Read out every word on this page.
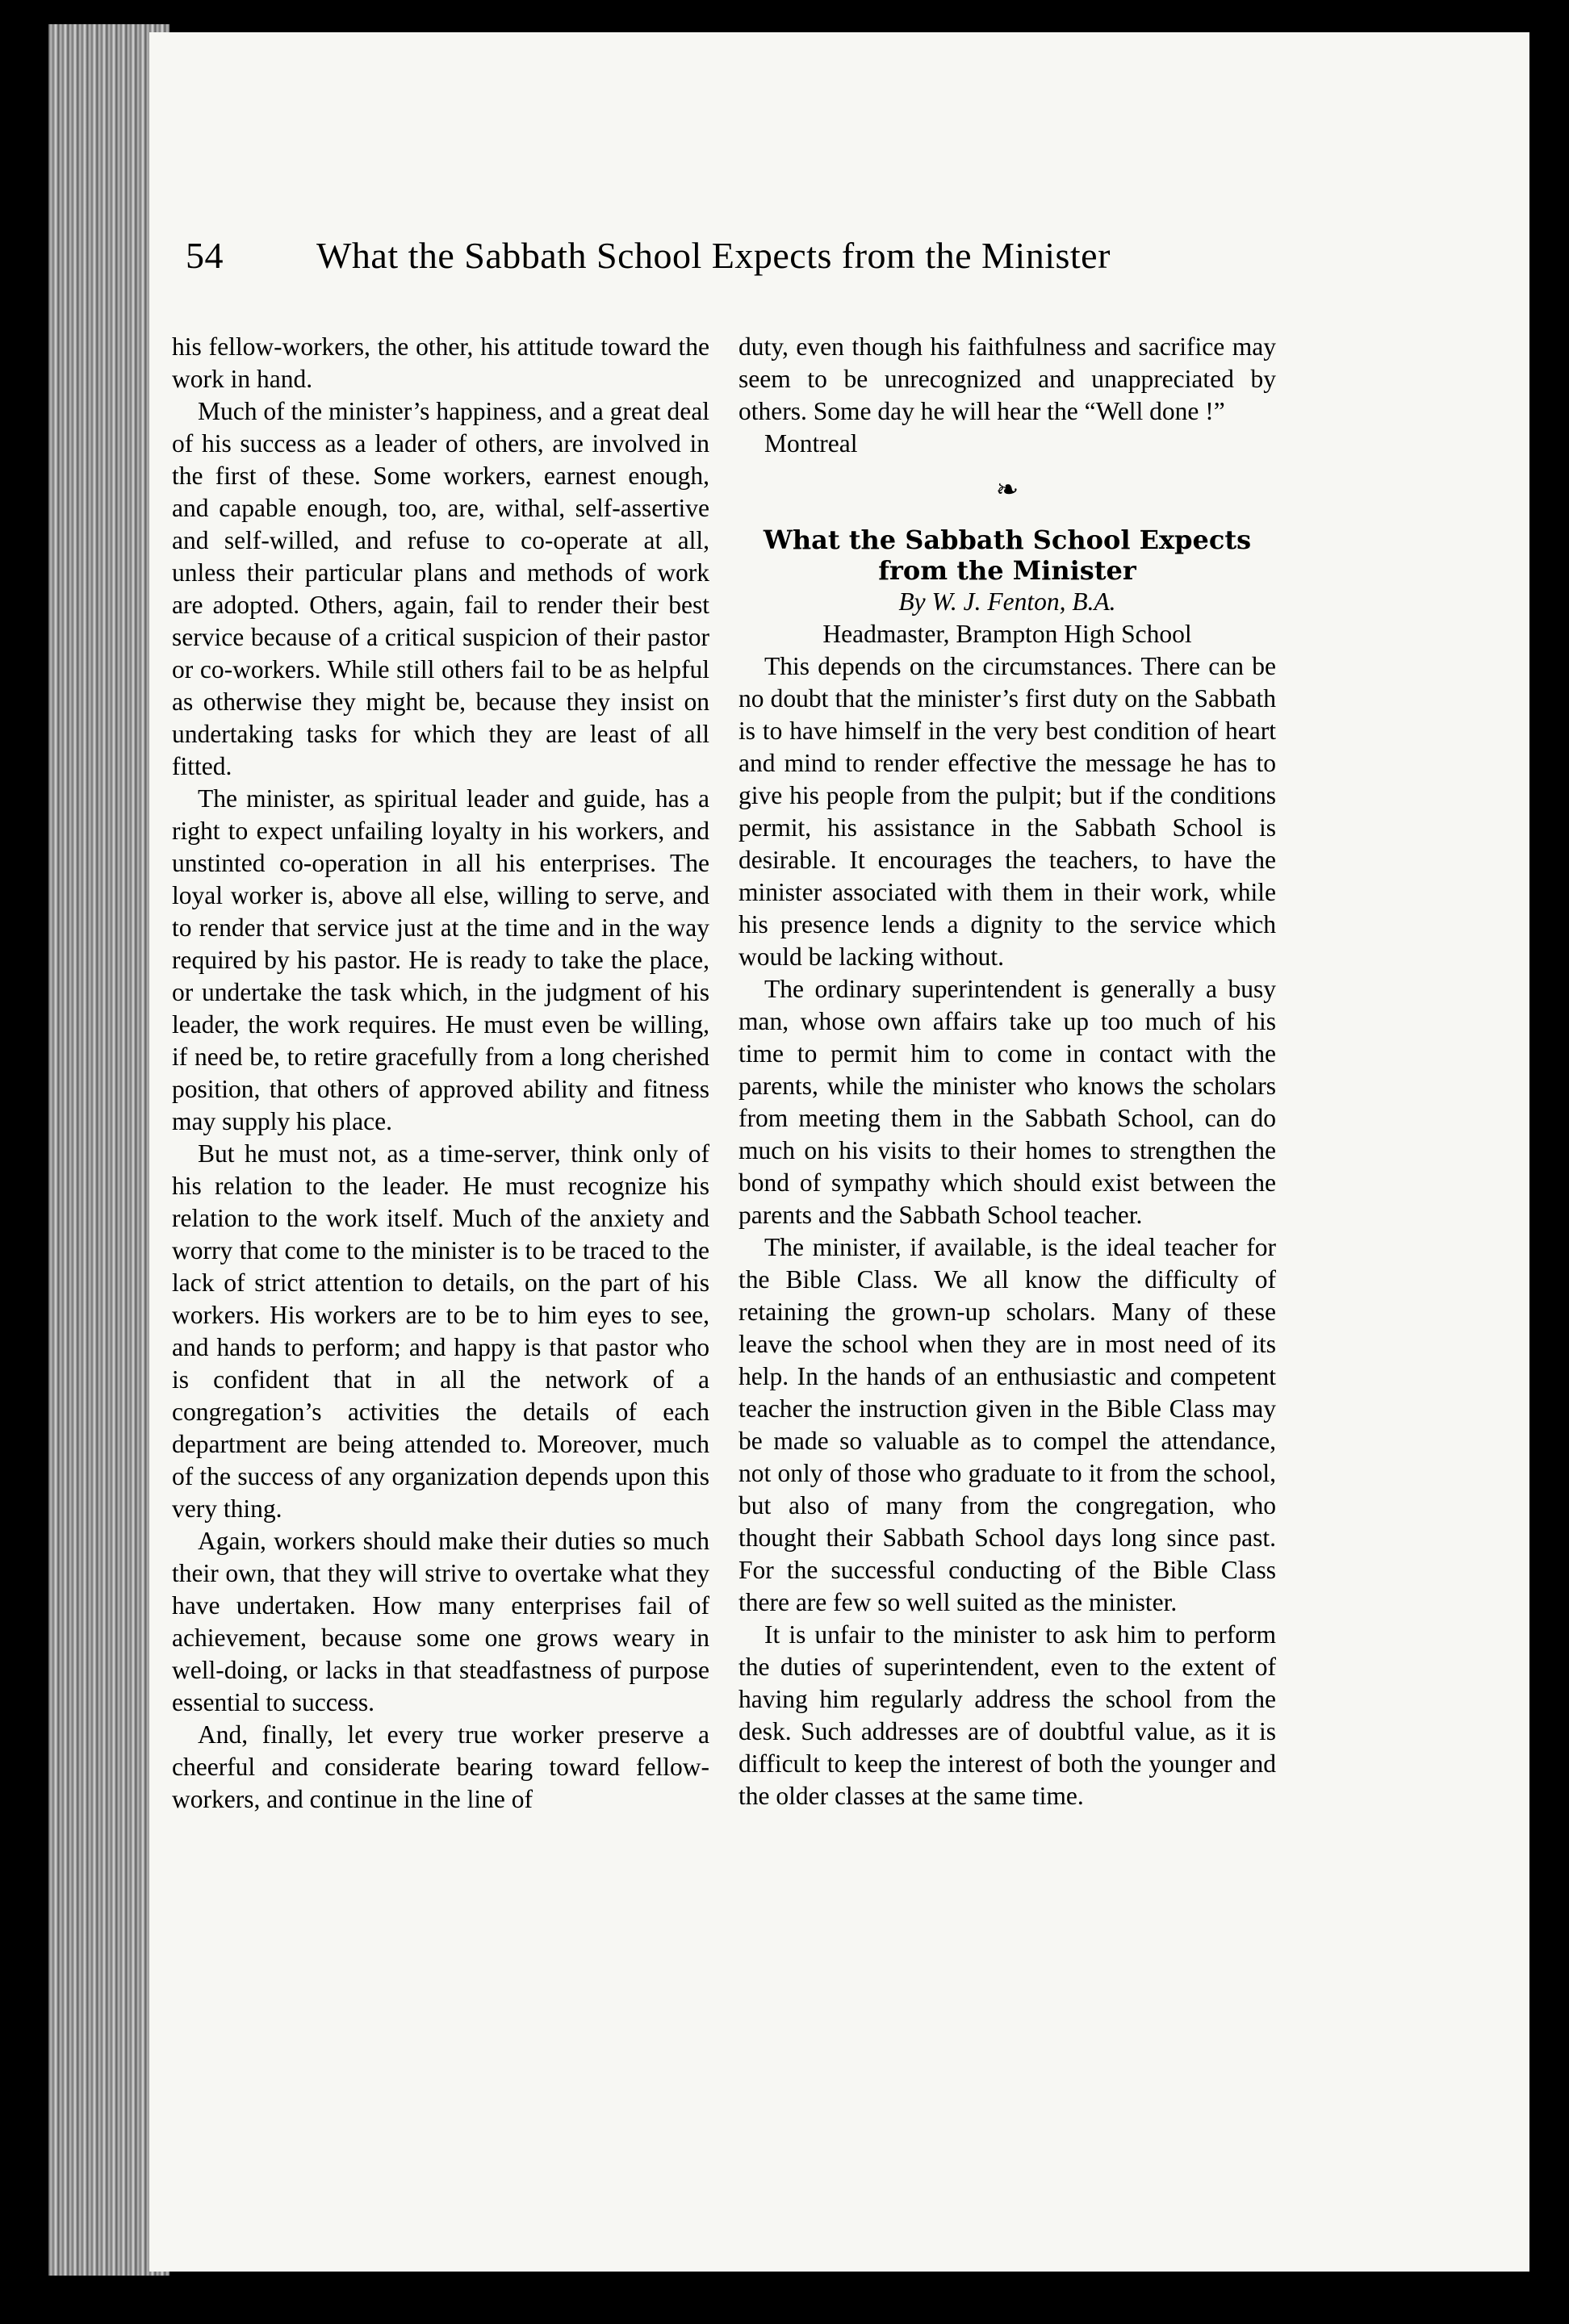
54	What the Sabbath School Expects from the Minister

his fellow-workers, the other, his attitude toward the work in hand.

Much of the minister’s happiness, and a great deal of his success as a leader of others, are involved in the first of these. Some workers, earnest enough, and capable enough, too, are, withal, self-assertive and self-willed, and refuse to co-operate at all, unless their particular plans and methods of work are adopted. Others, again, fail to render their best service because of a critical suspicion of their pastor or co-workers. While still others fail to be as helpful as otherwise they might be, because they insist on undertaking tasks for which they are least of all fitted.

The minister, as spiritual leader and guide, has a right to expect unfailing loyalty in his workers, and unstinted co-operation in all his enterprises. The loyal worker is, above all else, willing to serve, and to render that service just at the time and in the way required by his pastor. He is ready to take the place, or undertake the task which, in the judgment of his leader, the work requires. He must even be willing, if need be, to retire gracefully from a long cherished position, that others of approved ability and fitness may supply his place.

But he must not, as a time-server, think only of his relation to the leader. He must recognize his relation to the work itself. Much of the anxiety and worry that come to the minister is to be traced to the lack of strict attention to details, on the part of his workers. His workers are to be to him eyes to see, and hands to perform; and happy is that pastor who is confident that in all the network of a congregation’s activities the details of each department are being attended to. Moreover, much of the success of any organization depends upon this very thing.

Again, workers should make their duties so much their own, that they will strive to overtake what they have undertaken. How many enterprises fail of achievement, because some one grows weary in well-doing, or lacks in that steadfastness of purpose essential to success.

And, finally, let every true worker preserve a cheerful and considerate bearing toward fellow-workers, and continue in the line of

duty, even though his faithfulness and sacrifice may seem to be unrecognized and unappreciated by others. Some day he will hear the “Well done !”

Montreal

❧

What the Sabbath School Expects
from the Minister

By W. J. Fenton, B.A.

Headmaster, Brampton High School

This depends on the circumstances. There can be no doubt that the minister’s first duty on the Sabbath is to have himself in the very best condition of heart and mind to render effective the message he has to give his people from the pulpit; but if the conditions permit, his assistance in the Sabbath School is desirable. It encourages the teachers, to have the minister associated with them in their work, while his presence lends a dignity to the service which would be lacking without.

The ordinary superintendent is generally a busy man, whose own affairs take up too much of his time to permit him to come in contact with the parents, while the minister who knows the scholars from meeting them in the Sabbath School, can do much on his visits to their homes to strengthen the bond of sympathy which should exist between the parents and the Sabbath School teacher.

The minister, if available, is the ideal teacher for the Bible Class. We all know the difficulty of retaining the grown-up scholars. Many of these leave the school when they are in most need of its help. In the hands of an enthusiastic and competent teacher the instruction given in the Bible Class may be made so valuable as to compel the attendance, not only of those who graduate to it from the school, but also of many from the congregation, who thought their Sabbath School days long since past. For the successful conducting of the Bible Class there are few so well suited as the minister.

It is unfair to the minister to ask him to perform the duties of superintendent, even to the extent of having him regularly address the school from the desk. Such addresses are of doubtful value, as it is difficult to keep the interest of both the younger and the older classes at the same time.
